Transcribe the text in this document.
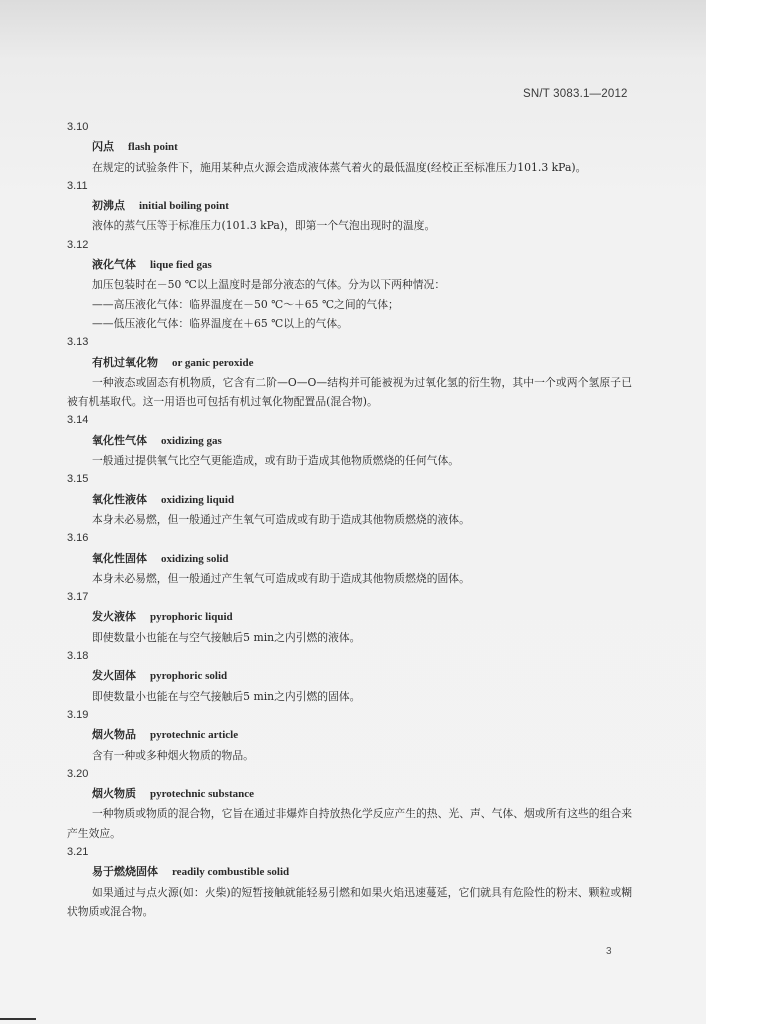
SN/T 3083.1—2012
3.10
闪点 flash point
在规定的试验条件下，施用某种点火源会造成液体蒸气着火的最低温度(经校正至标准压力101.3 kPa)。
3.11
初沸点 initial boiling point
液体的蒸气压等于标准压力(101.3 kPa)，即第一个气泡出现时的温度。
3.12
液化气体 lique fied gas
加压包装时在－50 ℃以上温度时是部分液态的气体。分为以下两种情况：
——高压液化气体：临界温度在－50 ℃～＋65 ℃之间的气体；
——低压液化气体：临界温度在＋65 ℃以上的气体。
3.13
有机过氧化物 or ganic peroxide
一种液态或固态有机物质，它含有二阶—O—O—结构并可能被视为过氧化氢的衍生物，其中一个或两个氢原子已被有机基取代。这一用语也可包括有机过氧化物配置品(混合物)。
3.14
氧化性气体 oxidizing gas
一般通过提供氧气比空气更能造成，或有助于造成其他物质燃烧的任何气体。
3.15
氧化性液体 oxidizing liquid
本身未必易燃，但一般通过产生氧气可造成或有助于造成其他物质燃烧的液体。
3.16
氧化性固体 oxidizing solid
本身未必易燃，但一般通过产生氧气可造成或有助于造成其他物质燃烧的固体。
3.17
发火液体 pyrophoric liquid
即使数量小也能在与空气接触后5 min之内引燃的液体。
3.18
发火固体 pyrophoric solid
即使数量小也能在与空气接触后5 min之内引燃的固体。
3.19
烟火物品 pyrotechnic article
含有一种或多种烟火物质的物品。
3.20
烟火物质 pyrotechnic substance
一种物质或物质的混合物，它旨在通过非爆炸自持放热化学反应产生的热、光、声、气体、烟或所有这些的组合来产生效应。
3.21
易于燃烧固体 readily combustible solid
如果通过与点火源(如：火柴)的短暂接触就能轻易引燃和如果火焰迅速蔓延，它们就具有危险性的粉末、颗粒或糊状物质或混合物。
3
